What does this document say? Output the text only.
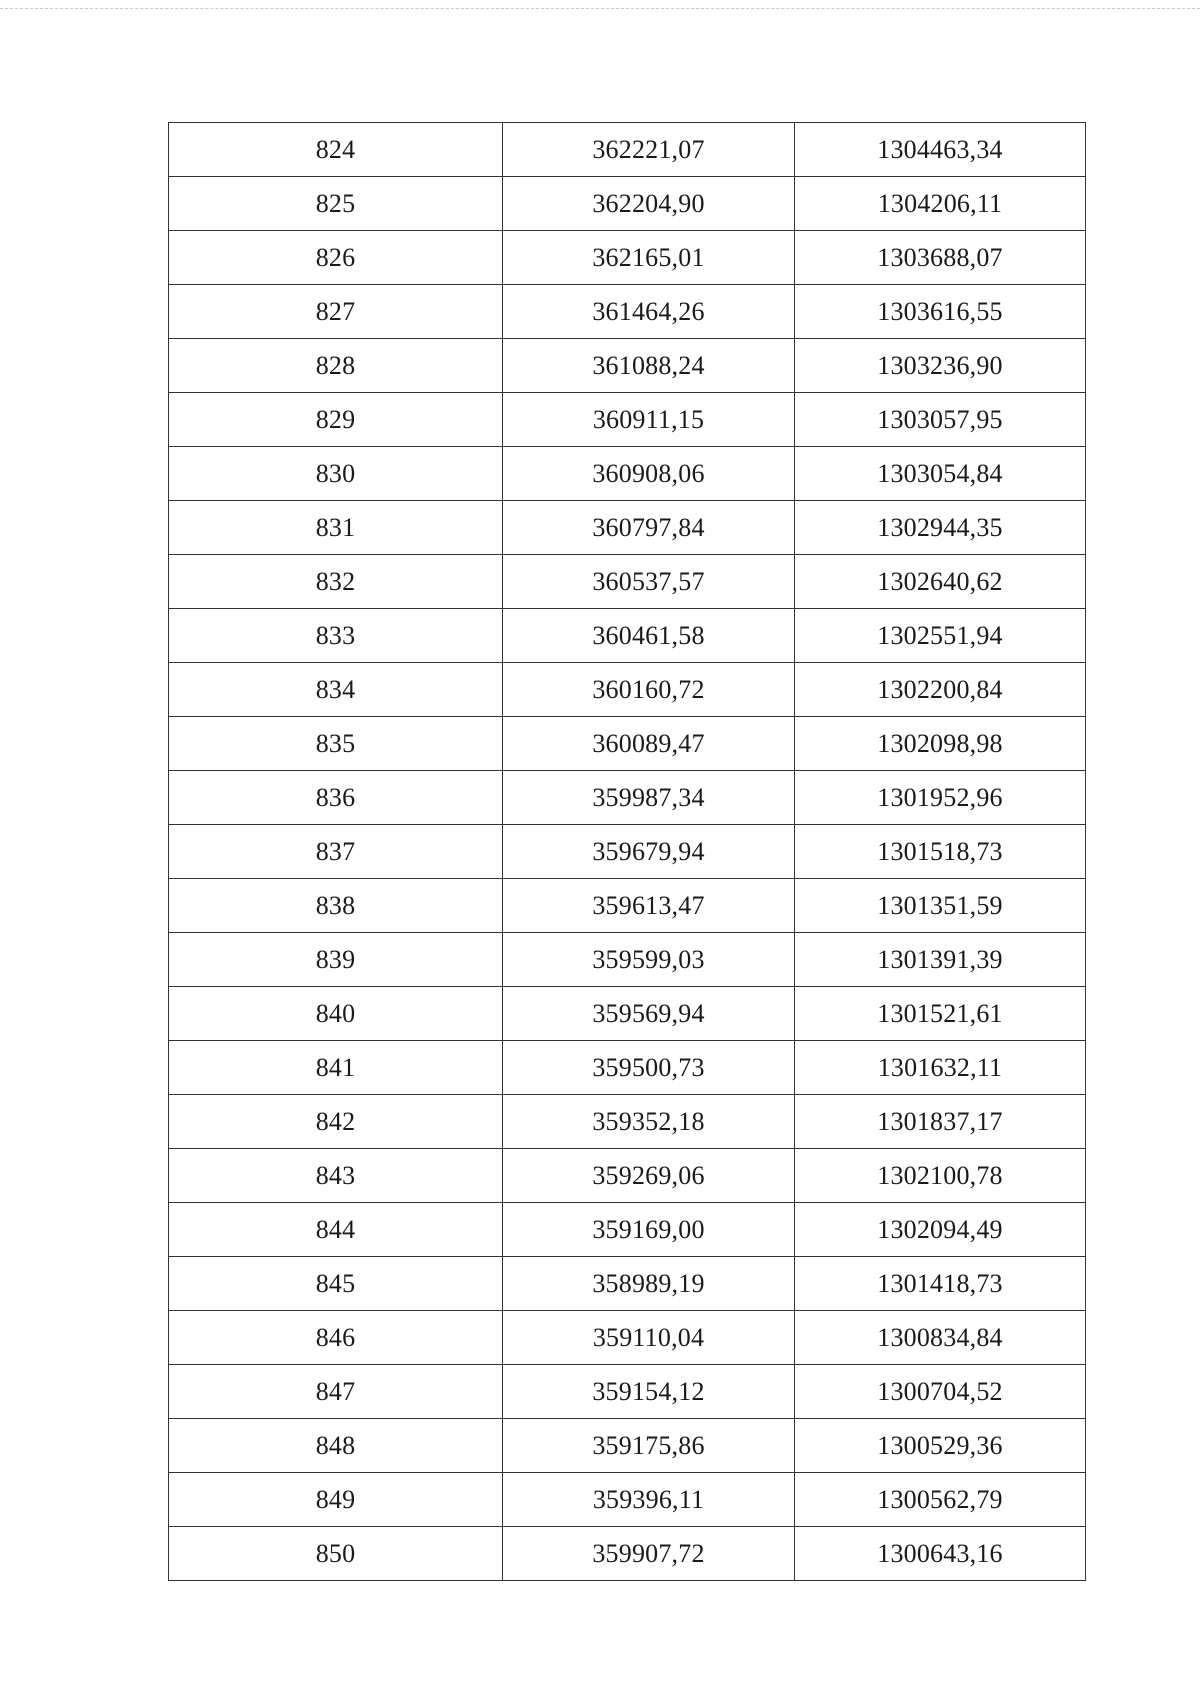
824	362221,07	1304463,34
825	362204,90	1304206,11
826	362165,01	1303688,07
827	361464,26	1303616,55
828	361088,24	1303236,90
829	360911,15	1303057,95
830	360908,06	1303054,84
831	360797,84	1302944,35
832	360537,57	1302640,62
833	360461,58	1302551,94
834	360160,72	1302200,84
835	360089,47	1302098,98
836	359987,34	1301952,96
837	359679,94	1301518,73
838	359613,47	1301351,59
839	359599,03	1301391,39
840	359569,94	1301521,61
841	359500,73	1301632,11
842	359352,18	1301837,17
843	359269,06	1302100,78
844	359169,00	1302094,49
845	358989,19	1301418,73
846	359110,04	1300834,84
847	359154,12	1300704,52
848	359175,86	1300529,36
849	359396,11	1300562,79
850	359907,72	1300643,16
